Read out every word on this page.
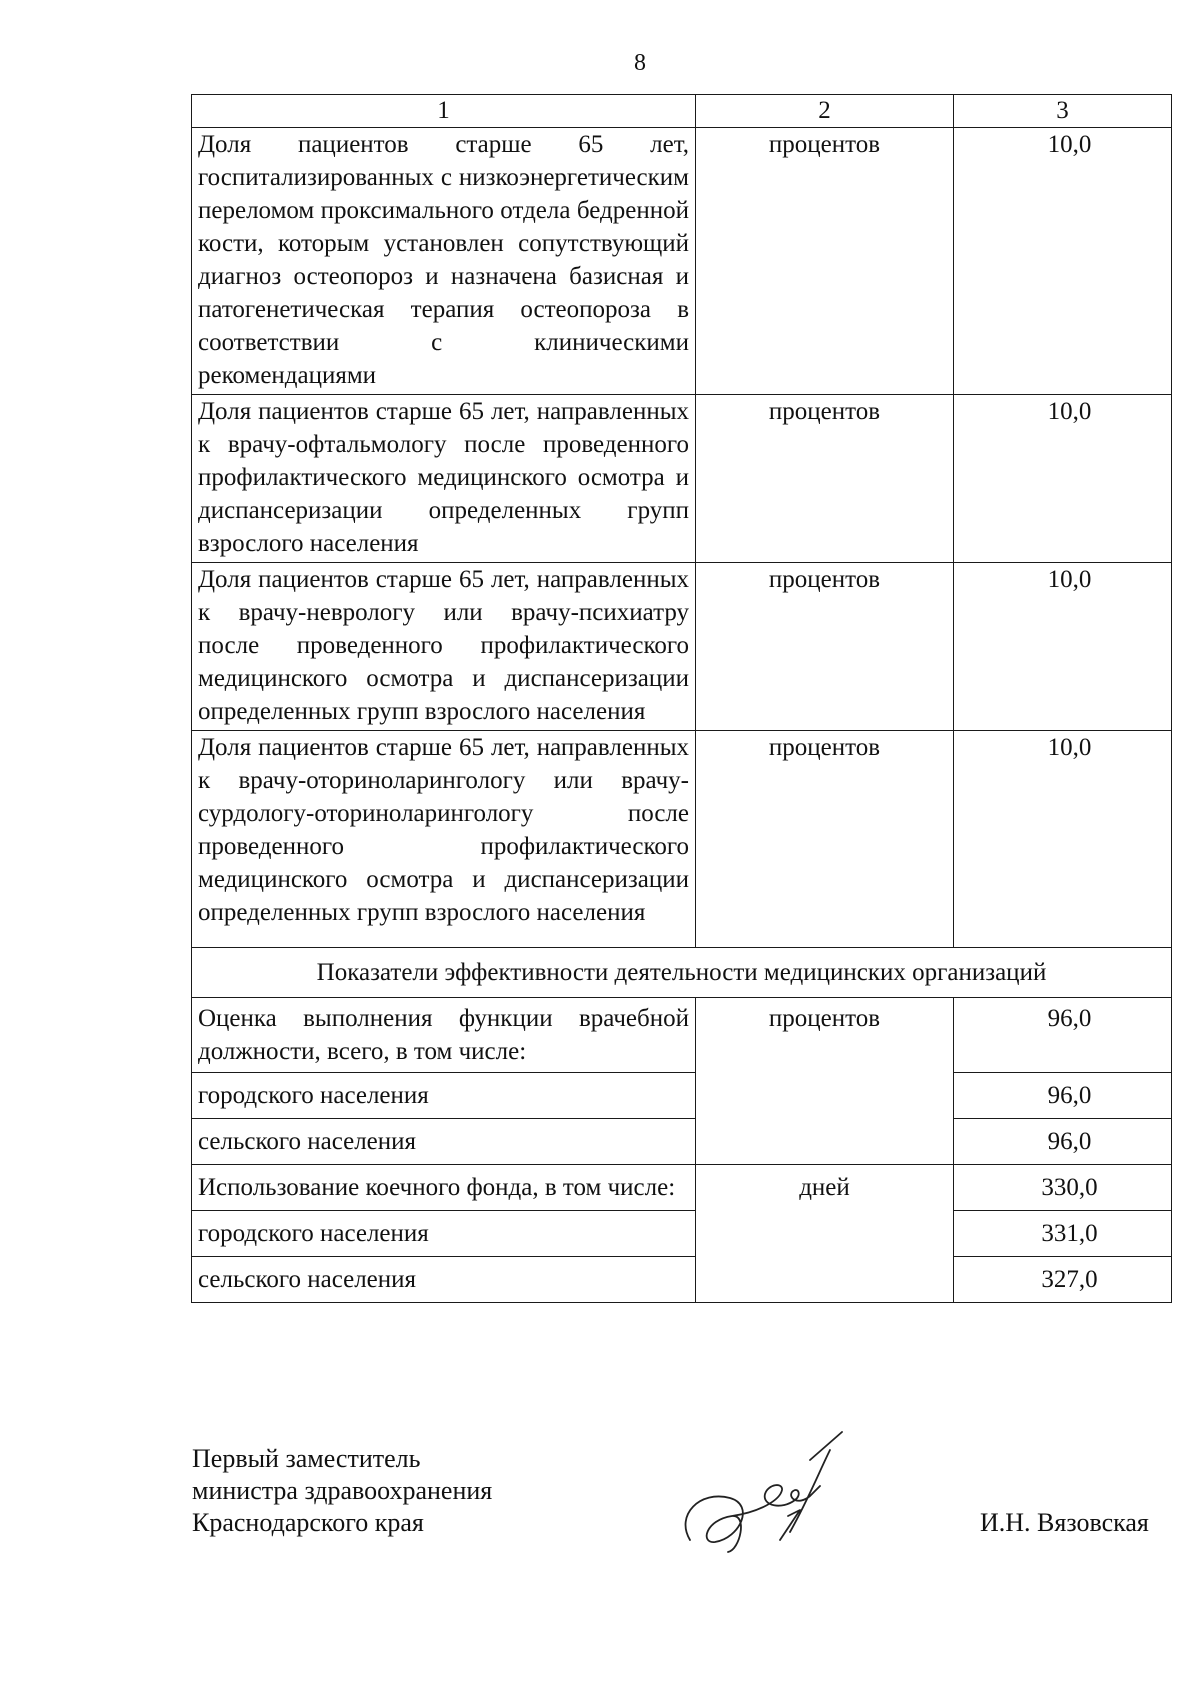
8
1	2	3
Доля пациентов старше 65 лет, госпитализированных с низкоэнергетическим переломом проксимального отдела бедренной кости, которым установлен сопутствующий диагноз остеопороз и назначена базисная и патогенетическая терапия остеопороза в соответствии с клиническими рекомендациями	процентов	10,0
Доля пациентов старше 65 лет, направленных к врачу-офтальмологу после проведенного профилактического медицинского осмотра и диспансеризации определенных групп взрослого населения	процентов	10,0
Доля пациентов старше 65 лет, направленных к врачу-неврологу или врачу-психиатру после проведенного профилактического медицинского осмотра и диспансеризации определенных групп взрослого населения	процентов	10,0
Доля пациентов старше 65 лет, направленных к врачу-оториноларингологу или врачу-сурдологу-оториноларингологу после проведенного профилактического медицинского осмотра и диспансеризации определенных групп взрослого населения	процентов	10,0
Показатели эффективности деятельности медицинских организаций		
Оценка выполнения функции врачебной должности, всего, в том числе:	процентов	96,0
городского населения		96,0
сельского населения		96,0
Использование коечного фонда, в том числе:	дней	330,0
городского населения		331,0
сельского населения		327,0
Первый заместитель
министра здравоохранения
Краснодарского края	И.Н. Вязовская
